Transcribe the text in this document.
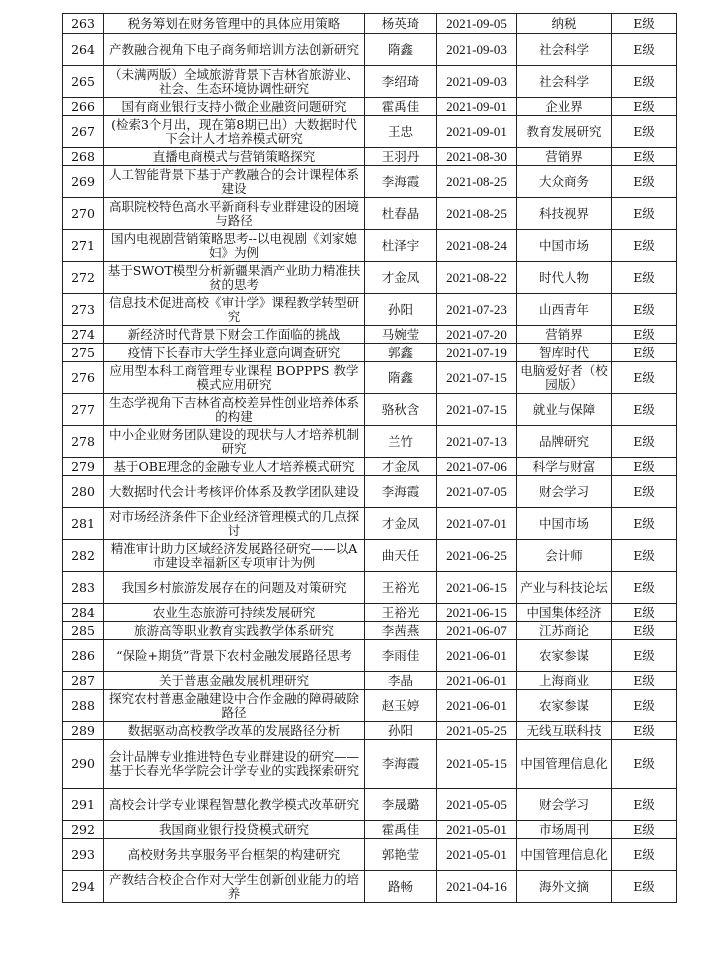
263	税务筹划在财务管理中的具体应用策略	杨英琦	2021-09-05	纳税	E级
264	产教融合视角下电子商务师培训方法创新研究	隋鑫	2021-09-03	社会科学	E级
265	（未满两版）全域旅游背景下吉林省旅游业、社会、生态环境协调性研究	李绍琦	2021-09-03	社会科学	E级
266	国有商业银行支持小微企业融资问题研究	霍禹佳	2021-09-01	企业界	E级
267	(检索3个月出，现在第8期已出）大数据时代下会计人才培养模式研究	王忠	2021-09-01	教育发展研究	E级
268	直播电商模式与营销策略探究	王羽丹	2021-08-30	营销界	E级
269	人工智能背景下基于产教融合的会计课程体系建设	李海霞	2021-08-25	大众商务	E级
270	高职院校特色高水平新商科专业群建设的困境与路径	杜春晶	2021-08-25	科技视界	E级
271	国内电视剧营销策略思考--以电视剧《刘家媳妇》为例	杜泽宇	2021-08-24	中国市场	E级
272	基于SWOT模型分析新疆果酒产业助力精准扶贫的思考	才金凤	2021-08-22	时代人物	E级
273	信息技术促进高校《审计学》课程教学转型研究	孙阳	2021-07-23	山西青年	E级
274	新经济时代背景下财会工作面临的挑战	马婉莹	2021-07-20	营销界	E级
275	疫情下长春市大学生择业意向调查研究	郭鑫	2021-07-19	智库时代	E级
276	应用型本科工商管理专业课程 BOPPPS 教学模式应用研究	隋鑫	2021-07-15	电脑爱好者（校园版）	E级
277	生态学视角下吉林省高校差异性创业培养体系的构建	骆秋含	2021-07-15	就业与保障	E级
278	中小企业财务团队建设的现状与人才培养机制研究	兰竹	2021-07-13	品牌研究	E级
279	基于OBE理念的金融专业人才培养模式研究	才金凤	2021-07-06	科学与财富	E级
280	大数据时代会计考核评价体系及教学团队建设	李海霞	2021-07-05	财会学习	E级
281	对市场经济条件下企业经济管理模式的几点探讨	才金凤	2021-07-01	中国市场	E级
282	精准审计助力区域经济发展路径研究——以A市建设幸福新区专项审计为例	曲天任	2021-06-25	会计师	E级
283	我国乡村旅游发展存在的问题及对策研究	王裕光	2021-06-15	产业与科技论坛	E级
284	农业生态旅游可持续发展研究	王裕光	2021-06-15	中国集体经济	E级
285	旅游高等职业教育实践教学体系研究	李茜燕	2021-06-07	江苏商论	E级
286	“保险+期货”背景下农村金融发展路径思考	李雨佳	2021-06-01	农家参谋	E级
287	关于普惠金融发展机理研究	李晶	2021-06-01	上海商业	E级
288	探究农村普惠金融建设中合作金融的障碍破除路径	赵玉婷	2021-06-01	农家参谋	E级
289	数据驱动高校教学改革的发展路径分析	孙阳	2021-05-25	无线互联科技	E级
290	会计品牌专业推进特色专业群建设的研究——基于长春光华学院会计学专业的实践探索研究	李海霞	2021-05-15	中国管理信息化	E级
291	高校会计学专业课程智慧化教学模式改革研究	李晟璐	2021-05-05	财会学习	E级
292	我国商业银行投贷模式研究	霍禹佳	2021-05-01	市场周刊	E级
293	高校财务共享服务平台框架的构建研究	郭艳莹	2021-05-01	中国管理信息化	E级
294	产教结合校企合作对大学生创新创业能力的培养	路畅	2021-04-16	海外文摘	E级
